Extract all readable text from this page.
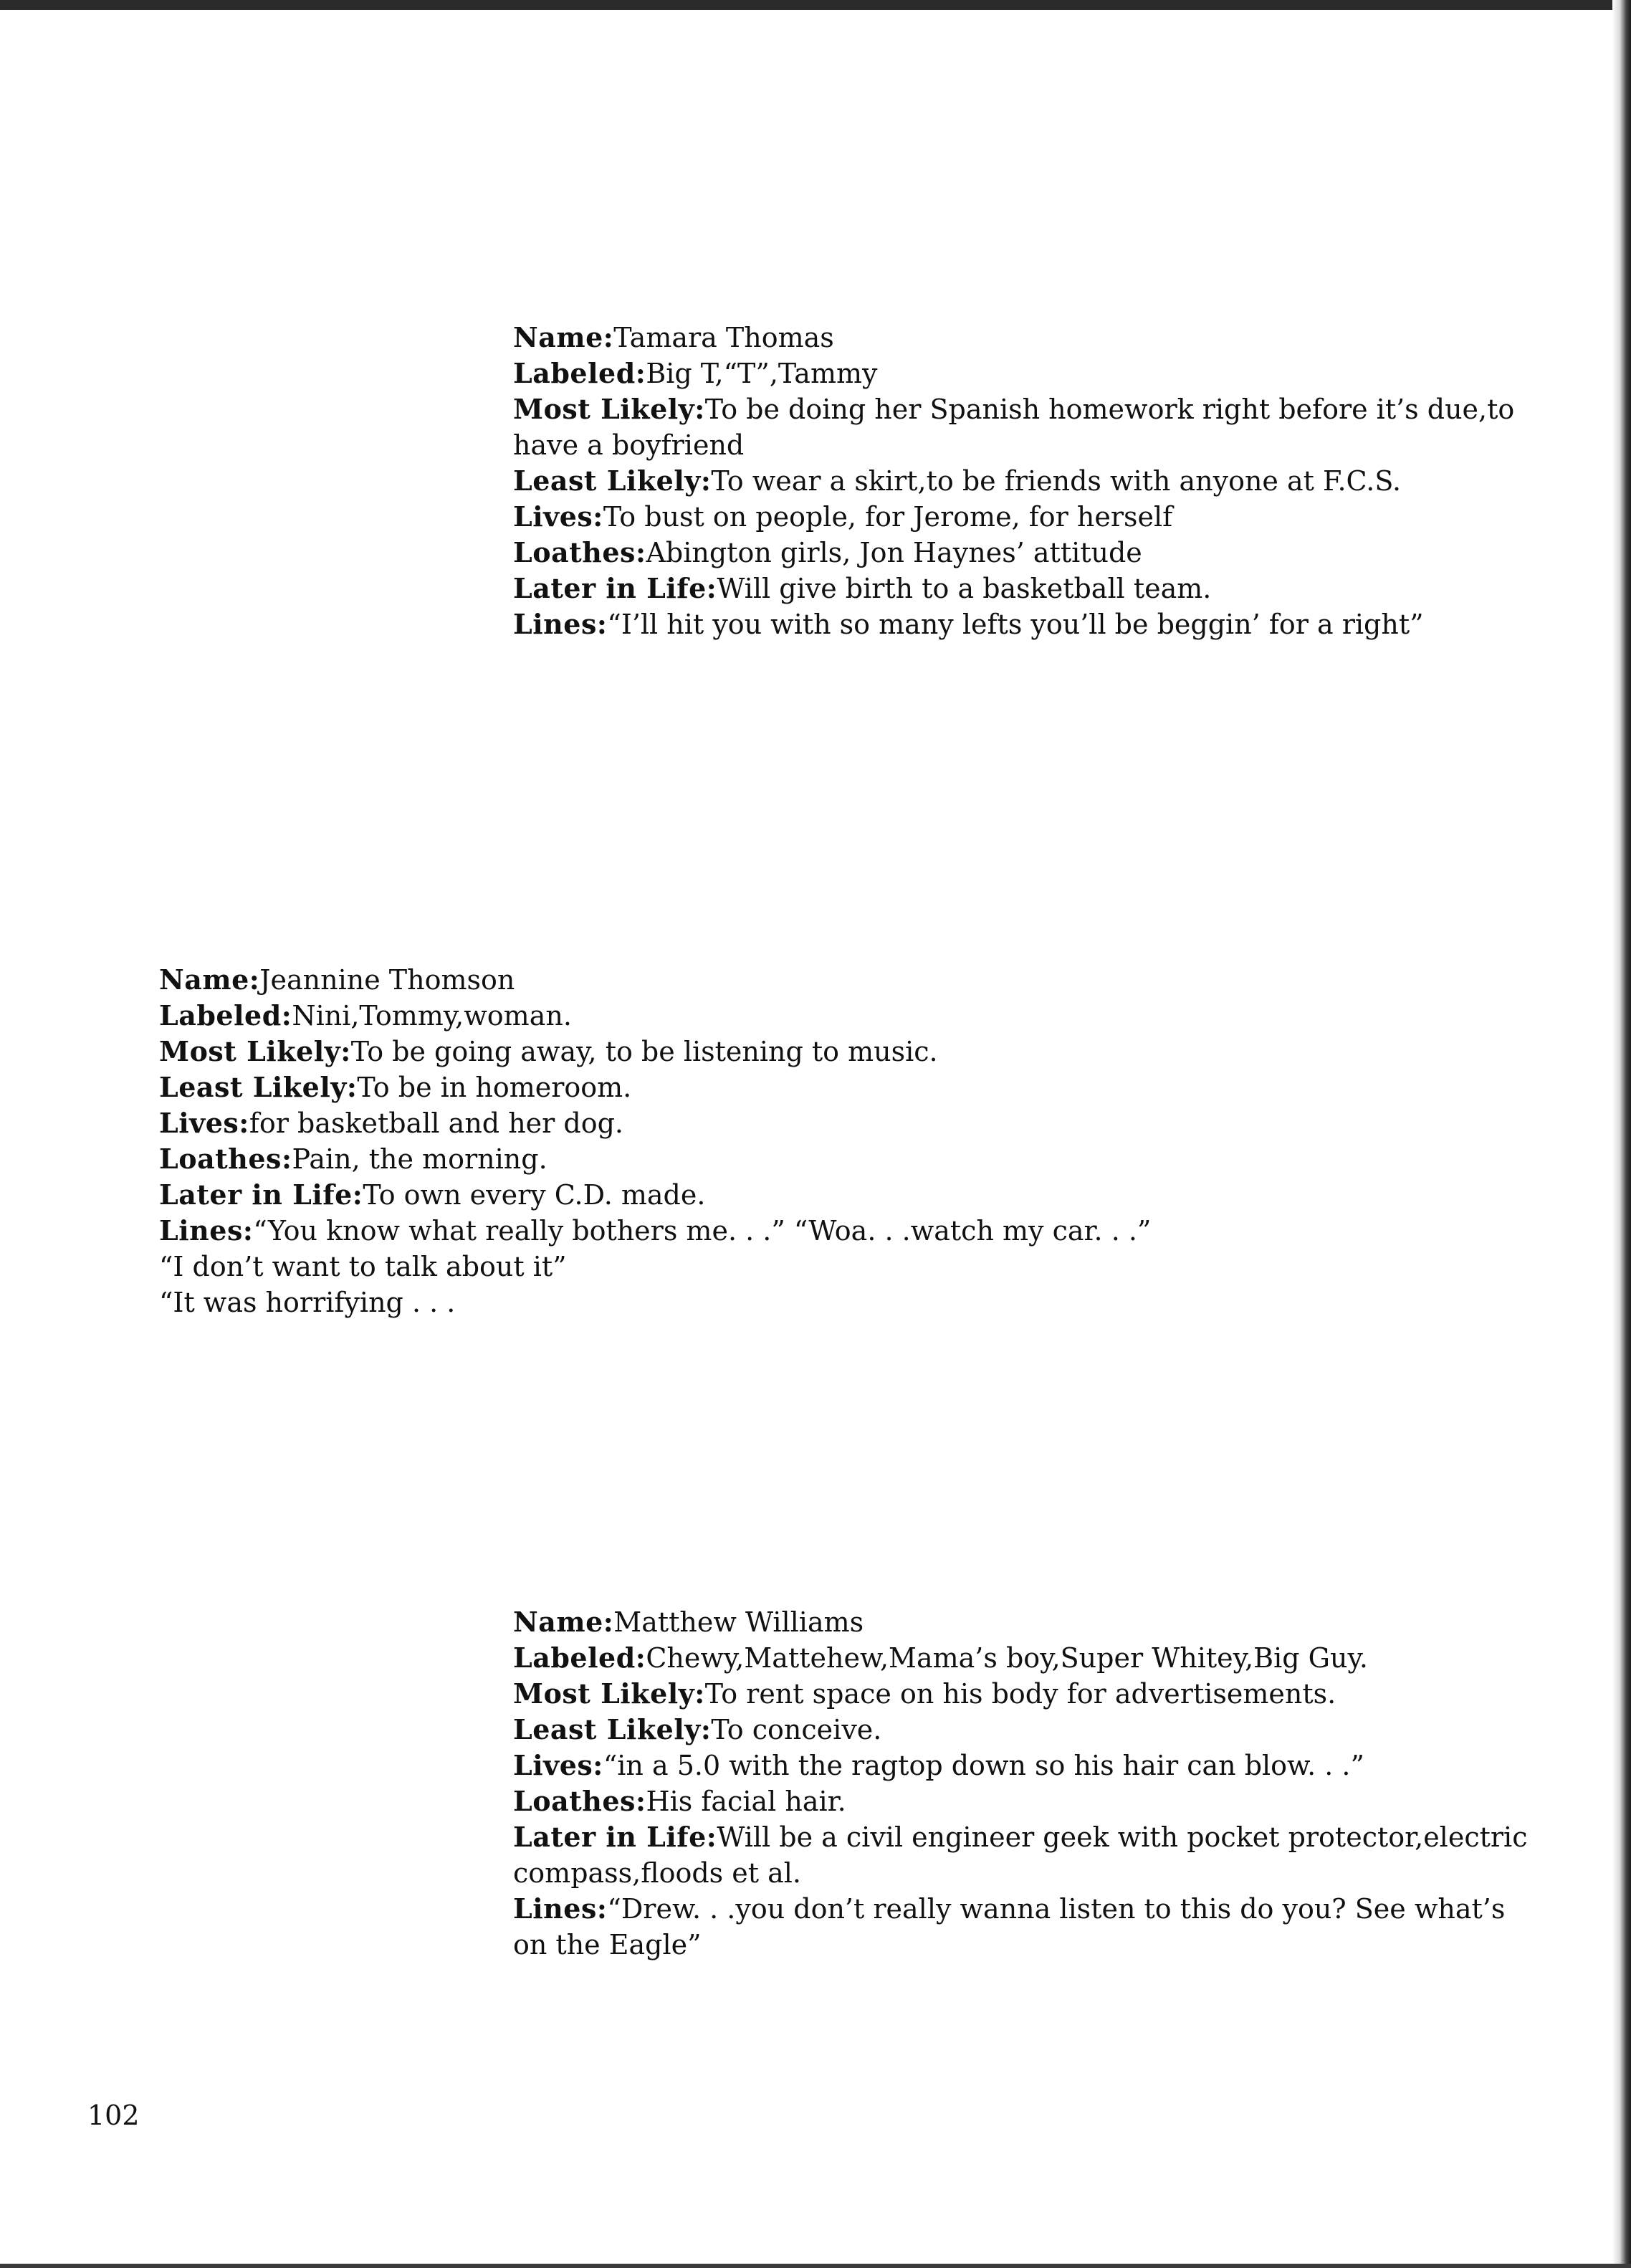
Name:Tamara Thomas
Labeled:Big T,“T”,Tammy
Most Likely:To be doing her Spanish homework right before it’s due,to
have a boyfriend
Least Likely:To wear a skirt,to be friends with anyone at F.C.S.
Lives:To bust on people, for Jerome, for herself
Loathes:Abington girls, Jon Haynes’ attitude
Later in Life:Will give birth to a basketball team.
Lines:“I’ll hit you with so many lefts you’ll be beggin’ for a right”
Name:Jeannine Thomson
Labeled:Nini,Tommy,woman.
Most Likely:To be going away, to be listening to music.
Least Likely:To be in homeroom.
Lives:for basketball and her dog.
Loathes:Pain, the morning.
Later in Life:To own every C.D. made.
Lines:“You know what really bothers me. . .” “Woa. . .watch my car. . .”
“I don’t want to talk about it”
“It was horrifying . . .
Name:Matthew Williams
Labeled:Chewy,Mattehew,Mama’s boy,Super Whitey,Big Guy.
Most Likely:To rent space on his body for advertisements.
Least Likely:To conceive.
Lives:“in a 5.0 with the ragtop down so his hair can blow. . .”
Loathes:His facial hair.
Later in Life:Will be a civil engineer geek with pocket protector,electric
compass,floods et al.
Lines:“Drew. . .you don’t really wanna listen to this do you? See what’s
on the Eagle”
102
